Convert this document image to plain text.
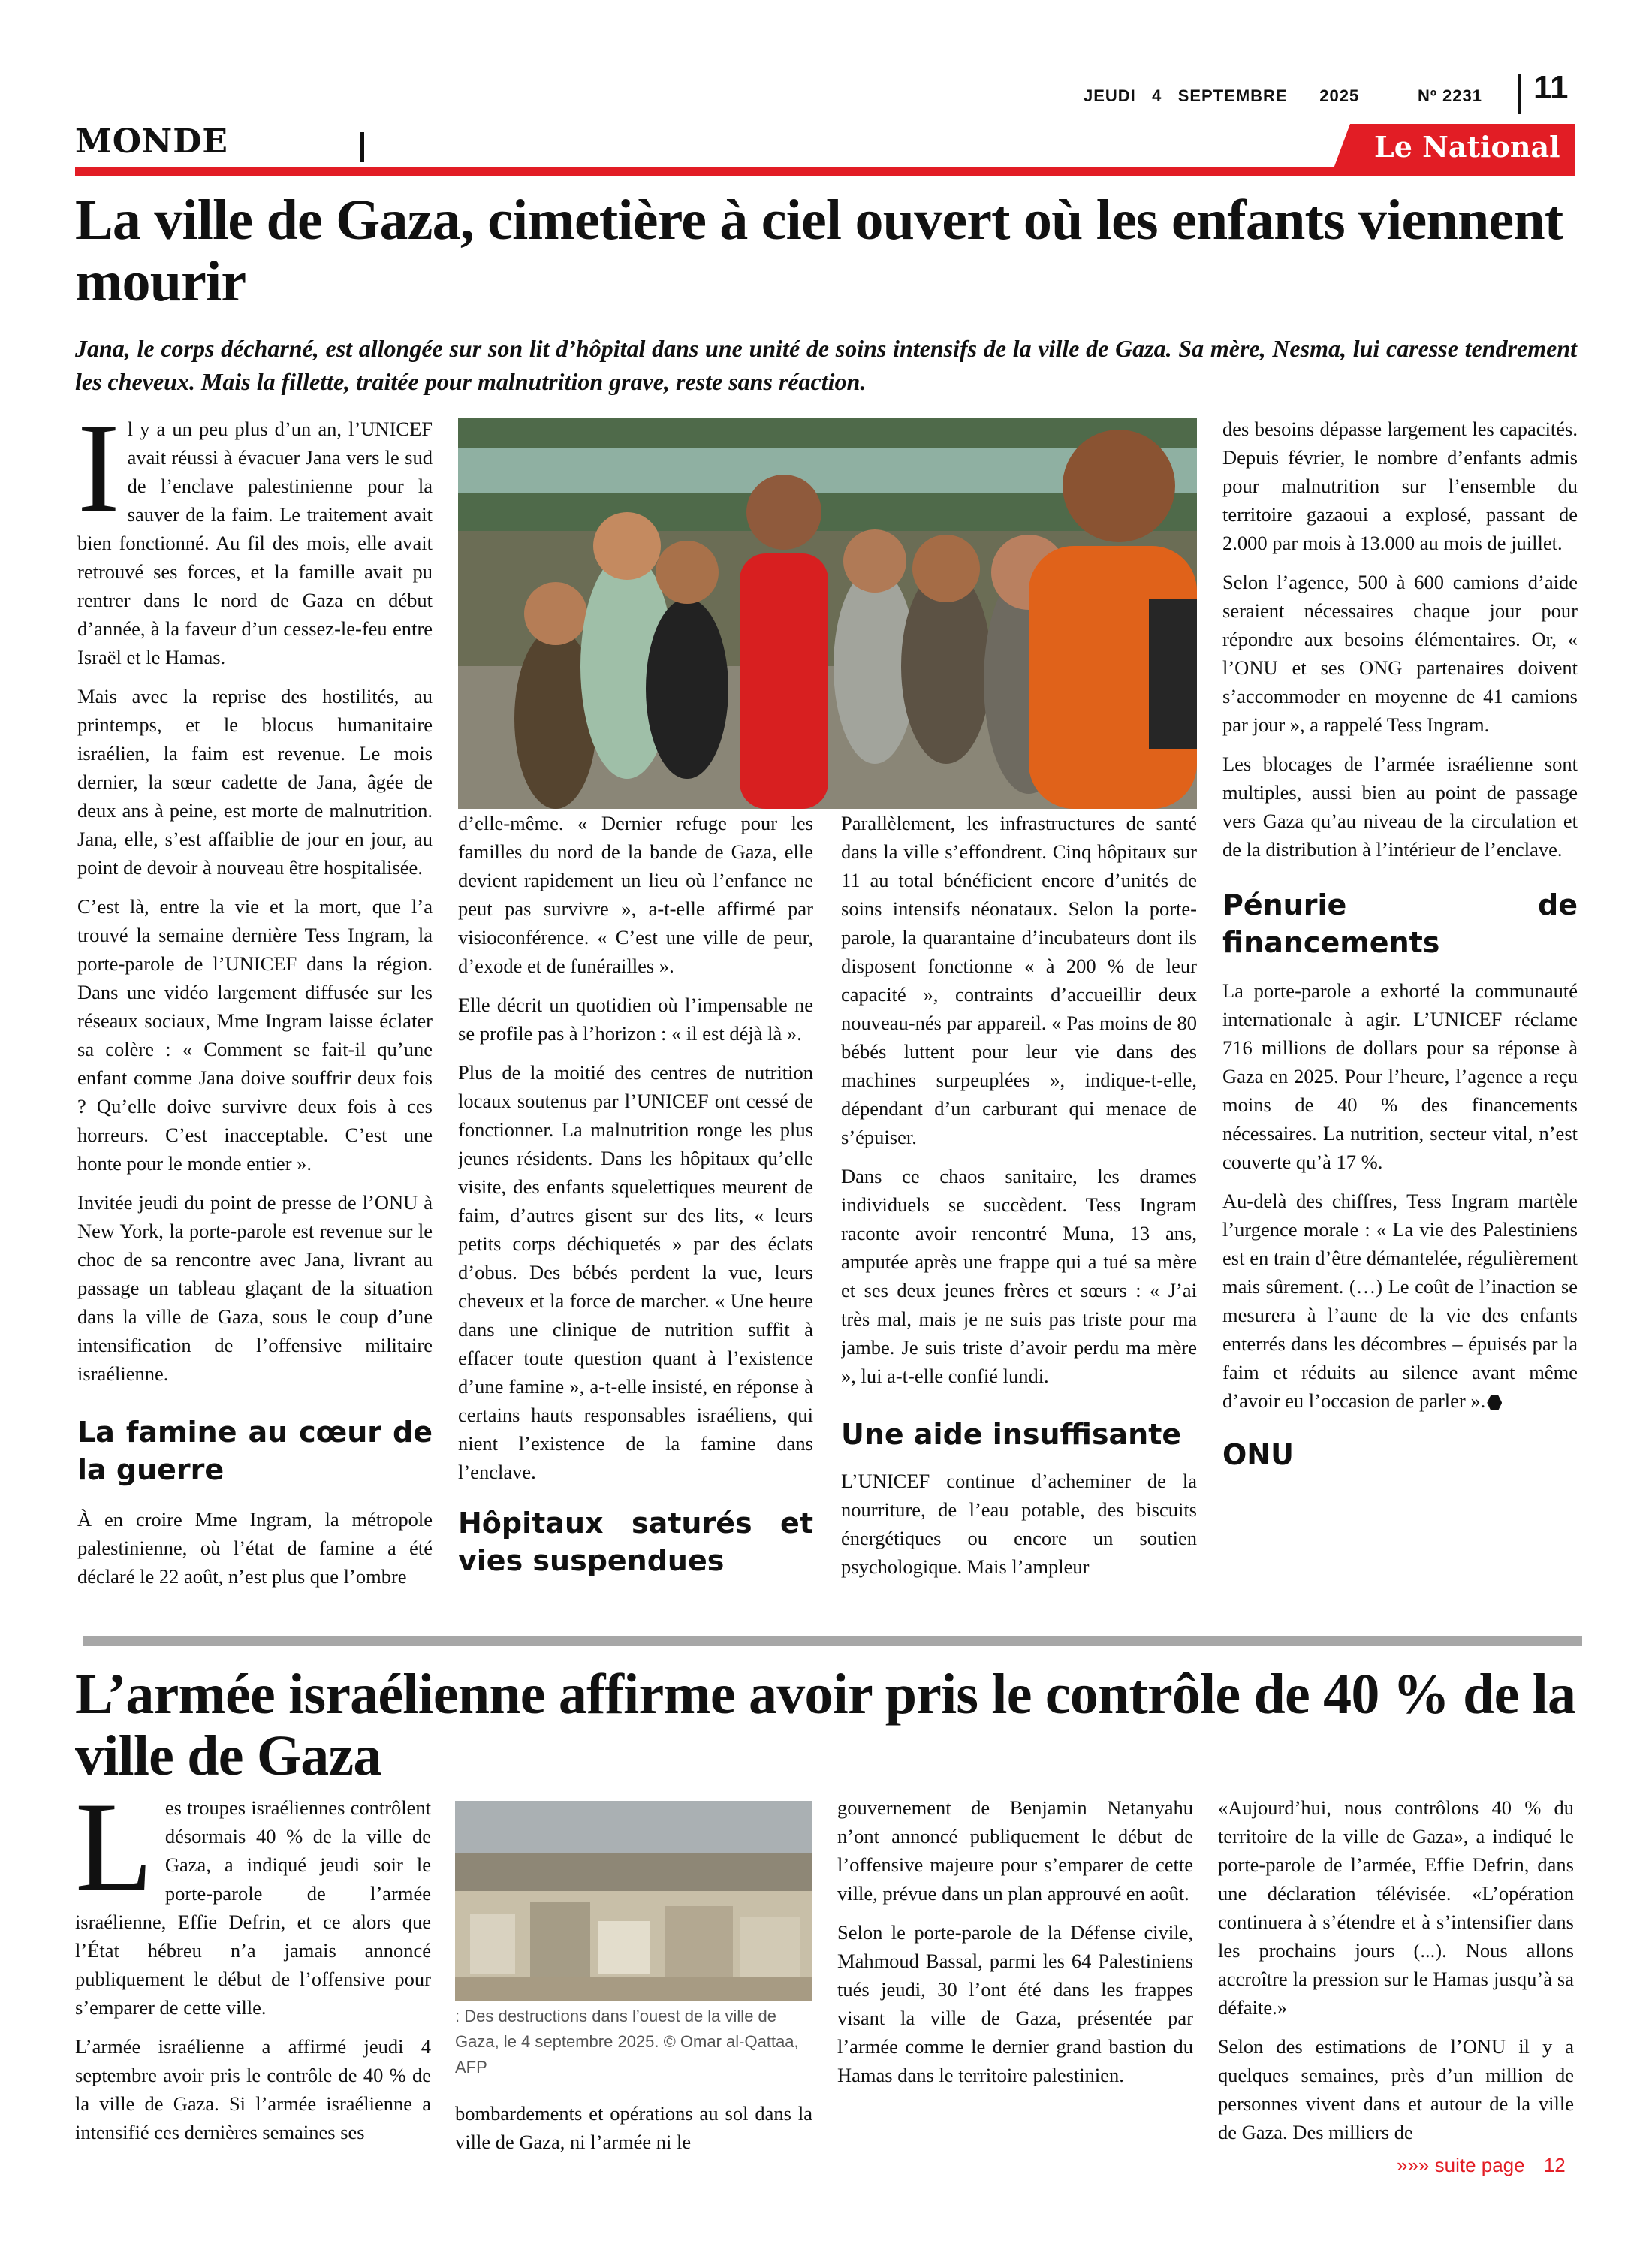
JEUDI   4   SEPTEMBRE      2025	Nº 2231 11
MONDE	Le National
La ville de Gaza, cimetière à ciel ouvert où les enfants viennent mourir
Jana, le corps décharné, est allongée sur son lit d’hôpital dans une unité de soins intensifs de la ville de Gaza. Sa mère, Nesma, lui caresse tendrement les cheveux. Mais la fillette, traitée pour malnutrition grave, reste sans réaction.
I l y a un peu plus d’un an, l’UNICEF avait réussi à évacuer Jana vers le sud de l’enclave palestinienne pour la sauver de la faim. Le traitement avait bien fonctionné. Au fil des mois, elle avait retrouvé ses forces, et la famille avait pu rentrer dans le nord de Gaza en début d’année, à la faveur d’un cessez-le-feu entre Israël et le Hamas.

Mais avec la reprise des hostilités, au printemps, et le blocus humanitaire israélien, la faim est revenue. Le mois dernier, la sœur cadette de Jana, âgée de deux ans à peine, est morte de malnutrition. Jana, elle, s’est affaiblie de jour en jour, au point de devoir à nouveau être hospitalisée.

C’est là, entre la vie et la mort, que l’a trouvé la semaine dernière Tess Ingram, la porte-parole de l’UNICEF dans la région. Dans une vidéo largement diffusée sur les réseaux sociaux, Mme Ingram laisse éclater sa colère : « Comment se fait-il qu’une enfant comme Jana doive souffrir deux fois ? Qu’elle doive survivre deux fois à ces horreurs. C’est inacceptable. C’est une honte pour le monde entier ».

Invitée jeudi du point de presse de l’ONU à New York, la porte-parole est revenue sur le choc de sa rencontre avec Jana, livrant au passage un tableau glaçant de la situation dans la ville de Gaza, sous le coup d’une intensification de l’offensive militaire israélienne.

La famine au cœur de la guerre

À en croire Mme Ingram, la métropole palestinienne, où l’état de famine a été déclaré le 22 août, n’est plus que l’ombre

d’elle-même. « Dernier refuge pour les familles du nord de la bande de Gaza, elle devient rapidement un lieu où l’enfance ne peut pas survivre », a-t-elle affirmé par visioconférence. « C’est une ville de peur, d’exode et de funérailles ».

Elle décrit un quotidien où l’impensable ne se profile pas à l’horizon : « il est déjà là ».

Plus de la moitié des centres de nutrition locaux soutenus par l’UNICEF ont cessé de fonctionner. La malnutrition ronge les plus jeunes résidents. Dans les hôpitaux qu’elle visite, des enfants squelettiques meurent de faim, d’autres gisent sur des lits, « leurs petits corps déchiquetés » par des éclats d’obus. Des bébés perdent la vue, leurs cheveux et la force de marcher. « Une heure dans une clinique de nutrition suffit à effacer toute question quant à l’existence d’une famine », a-t-elle insisté, en réponse à certains hauts responsables israéliens, qui nient l’existence de la famine dans l’enclave.

Hôpitaux saturés et vies suspendues

Parallèlement, les infrastructures de santé dans la ville s’effondrent. Cinq hôpitaux sur 11 au total bénéficient encore d’unités de soins intensifs néonataux. Selon la porte-parole, la quarantaine d’incubateurs dont ils disposent fonctionne « à 200 % de leur capacité », contraints d’accueillir deux nouveau-nés par appareil. « Pas moins de 80 bébés luttent pour leur vie dans des machines surpeuplées », indique-t-elle, dépendant d’un carburant qui menace de s’épuiser.

Dans ce chaos sanitaire, les drames individuels se succèdent. Tess Ingram raconte avoir rencontré Muna, 13 ans, amputée après une frappe qui a tué sa mère et ses deux jeunes frères et sœurs : « J’ai très mal, mais je ne suis pas triste pour ma jambe. Je suis triste d’avoir perdu ma mère », lui a-t-elle confié lundi.

Une aide insuffisante

L’UNICEF continue d’acheminer de la nourriture, de l’eau potable, des biscuits énergétiques ou encore un soutien psychologique. Mais l’ampleur

des besoins dépasse largement les capacités. Depuis février, le nombre d’enfants admis pour malnutrition sur l’ensemble du territoire gazaoui a explosé, passant de 2.000 par mois à 13.000 au mois de juillet.

Selon l’agence, 500 à 600 camions d’aide seraient nécessaires chaque jour pour répondre aux besoins élémentaires. Or, « l’ONU et ses ONG partenaires doivent s’accommoder en moyenne de 41 camions par jour », a rappelé Tess Ingram.

Les blocages de l’armée israélienne sont multiples, aussi bien au point de passage vers Gaza qu’au niveau de la circulation et de la distribution à l’intérieur de l’enclave.

Pénurie de financements

La porte-parole a exhorté la communauté internationale à agir. L’UNICEF réclame 716 millions de dollars pour sa réponse à Gaza en 2025. Pour l’heure, l’agence a reçu moins de 40 % des financements nécessaires. La nutrition, secteur vital, n’est couverte qu’à 17 %.

Au-delà des chiffres, Tess Ingram martèle l’urgence morale : « La vie des Palestiniens est en train d’être démantelée, régulièrement mais sûrement. (…) Le coût de l’inaction se mesurera à l’aune de la vie des enfants enterrés dans les décombres – épuisés par la faim et réduits au silence avant même d’avoir eu l’occasion de parler ».

ONU
L’armée israélienne affirme avoir pris le contrôle de 40 % de la ville de Gaza
L es troupes israéliennes contrôlent désormais 40 % de la ville de Gaza, a indiqué jeudi soir le porte-parole de l’armée israélienne, Effie Defrin, et ce alors que l’État hébreu n’a jamais annoncé publiquement le début de l’offensive pour s’emparer de cette ville.

L’armée israélienne a affirmé jeudi 4 septembre avoir pris le contrôle de 40 % de la ville de Gaza. Si l’armée israélienne a intensifié ces dernières semaines ses

: Des destructions dans l’ouest de la ville de Gaza, le 4 septembre 2025. © Omar al-Qattaa, AFP

bombardements et opérations au sol dans la ville de Gaza, ni l’armée ni le

gouvernement de Benjamin Netanyahu n’ont annoncé publiquement le début de l’offensive majeure pour s’emparer de cette ville, prévue dans un plan approuvé en août.

Selon le porte-parole de la Défense civile, Mahmoud Bassal, parmi les 64 Palestiniens tués jeudi, 30 l’ont été dans les frappes visant la ville de Gaza, présentée par l’armée comme le dernier grand bastion du Hamas dans le territoire palestinien.

«Aujourd’hui, nous contrôlons 40 % du territoire de la ville de Gaza», a indiqué le porte-parole de l’armée, Effie Defrin, dans une déclaration télévisée. «L’opération continuera à s’étendre et à s’intensifier dans les prochains jours (...). Nous allons accroître la pression sur le Hamas jusqu’à sa défaite.»

Selon des estimations de l’ONU il y a quelques semaines, près d’un million de personnes vivent dans et autour de la ville de Gaza. Des milliers de

»»» suite page 12
